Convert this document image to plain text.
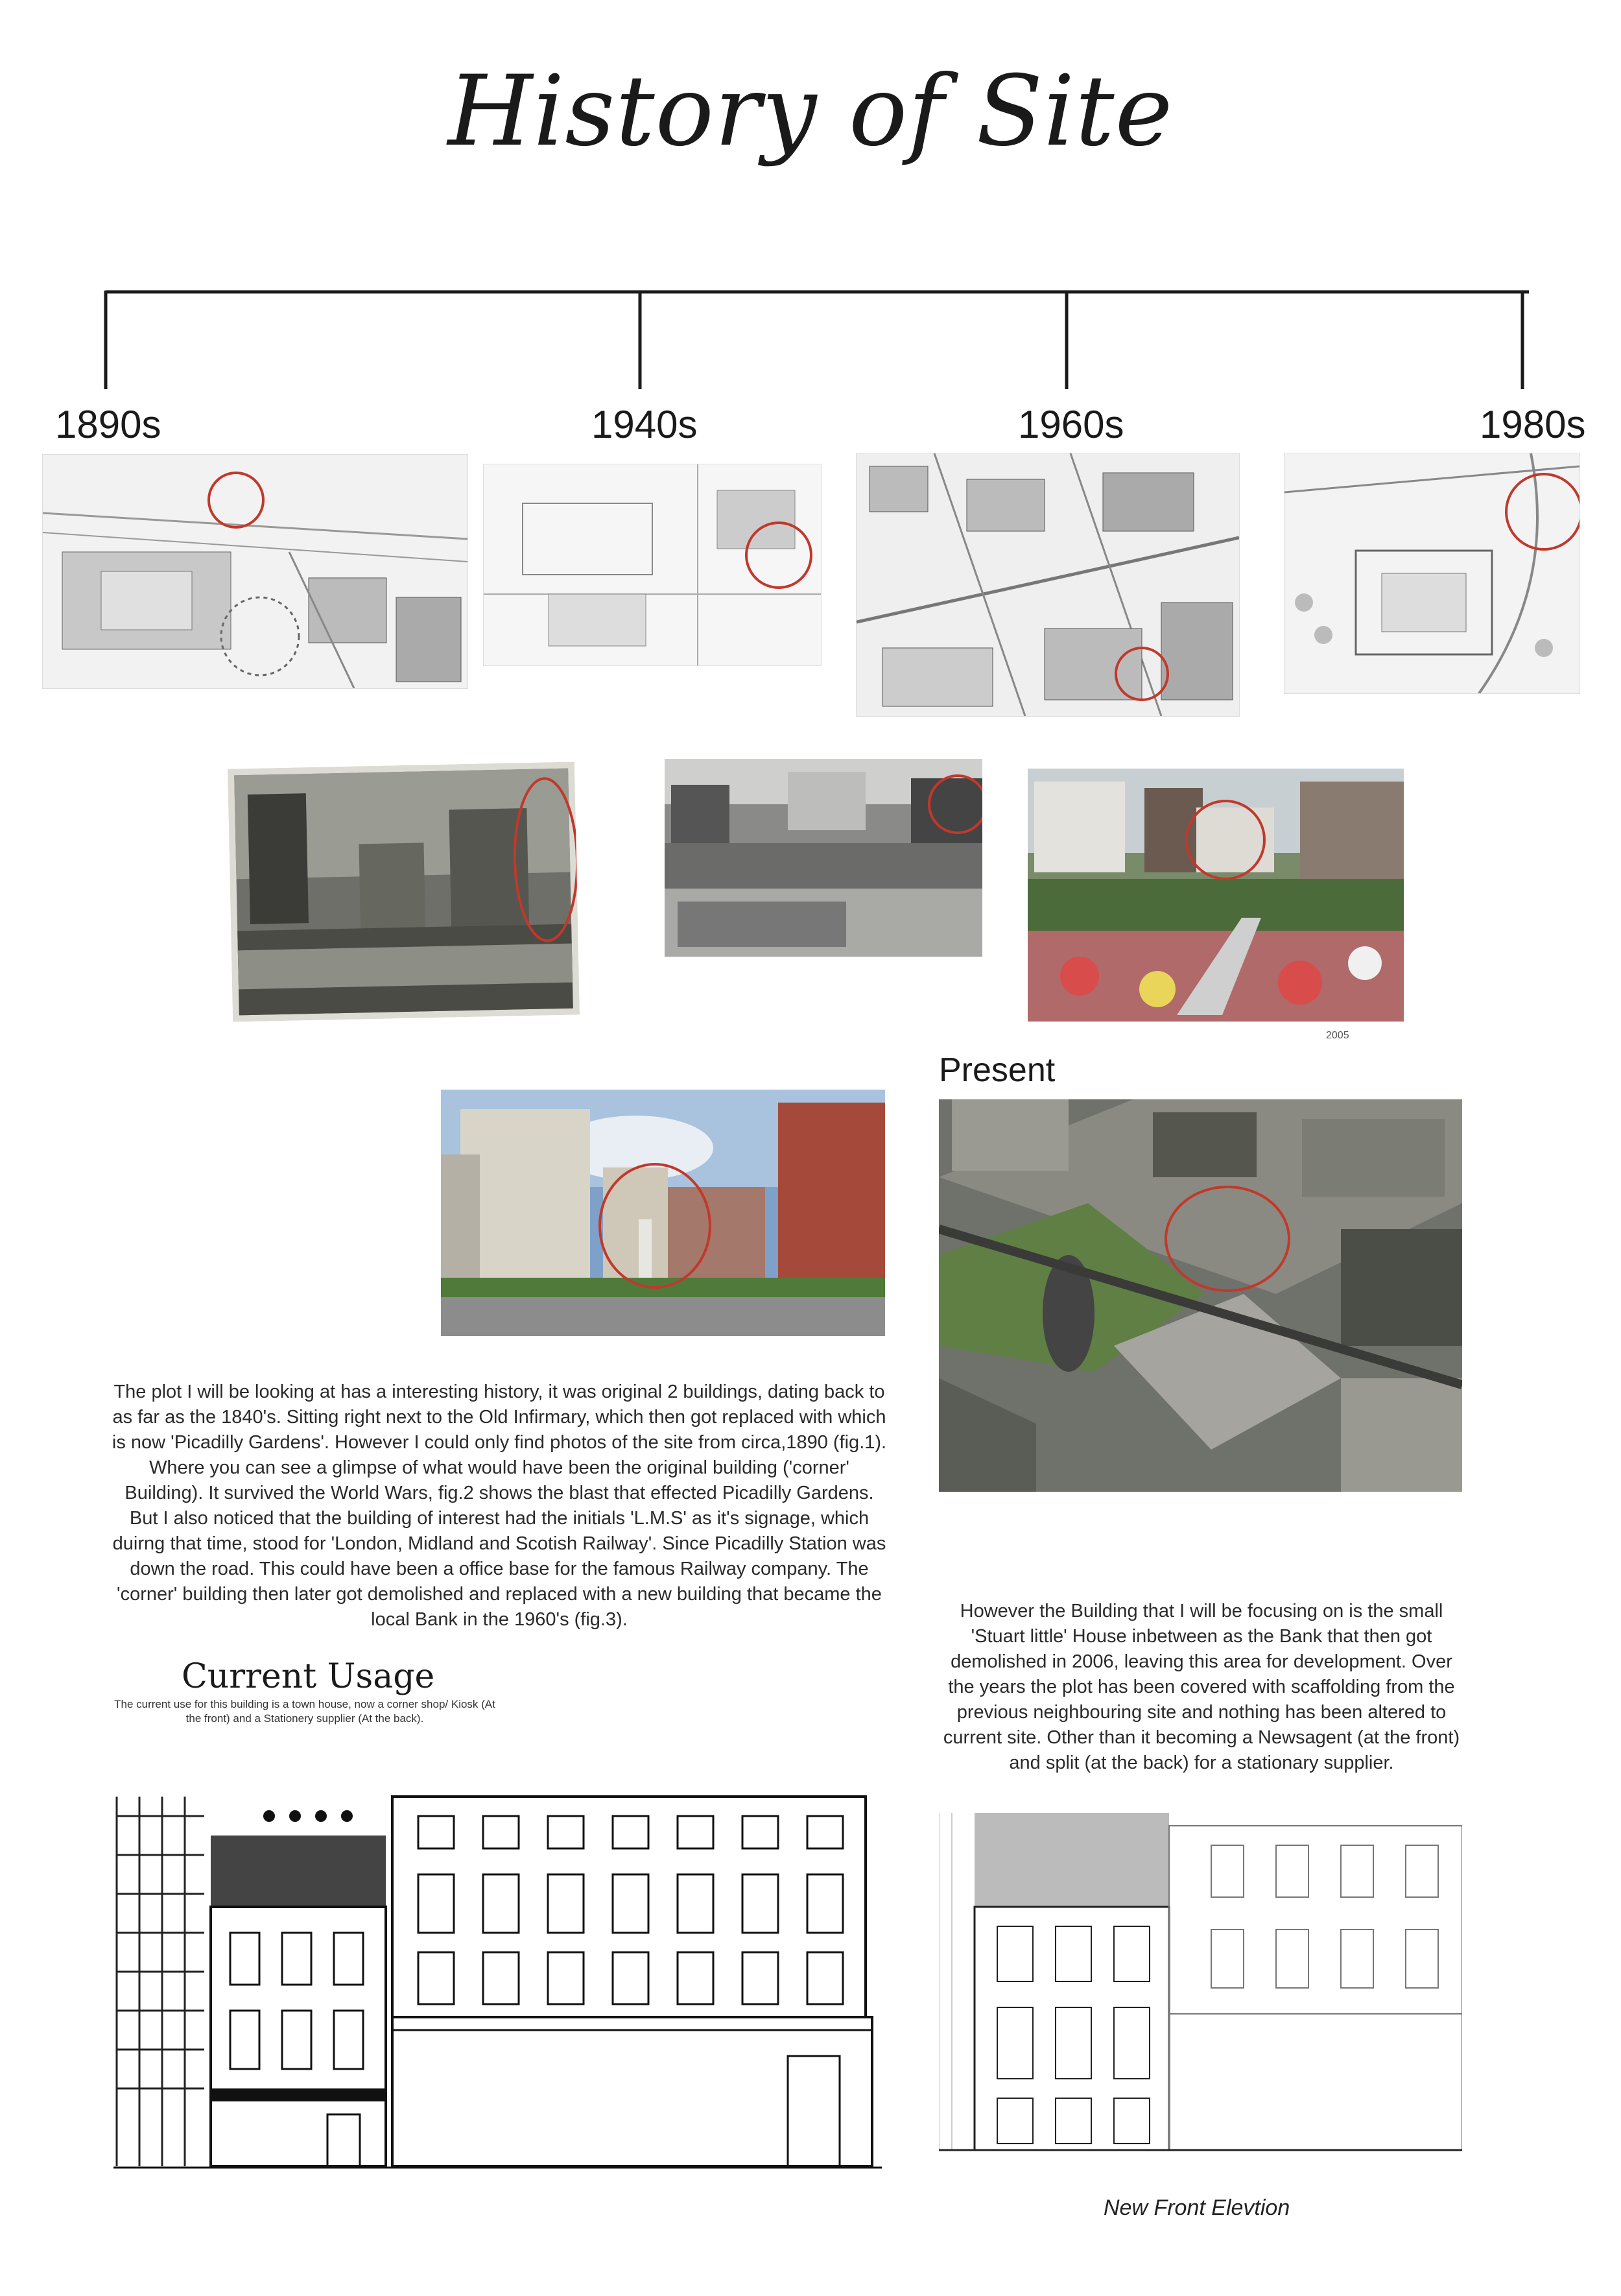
History of Site
1890s	1940s	1960s	1980s
2005
Present
The plot I will be looking at has a interesting history, it was original 2 buildings, dating back to as far as the 1840's. Sitting right next to the Old Infirmary, which then got replaced with which is now 'Picadilly Gardens'. However I could only find photos of the site from circa,1890 (fig.1). Where you can see a glimpse of what would have been the original building ('corner' Building). It survived the World Wars, fig.2 shows the blast that effected Picadilly Gardens. But I also noticed that the building of interest had the initials 'L.M.S' as it's signage, which duirng that time, stood for 'London, Midland and Scotish Railway'. Since Picadilly Station was down the road. This could have been a office base for the famous Railway company. The 'corner' building then later got demolished and replaced with a new building that became the local Bank in the 1960's (fig.3).	However the Building that I will be focusing on is the small 'Stuart little' House inbetween as the Bank that then got demolished in 2006, leaving this area for development. Over the years the plot has been covered with scaffolding from the previous neighbouring site and nothing has been altered to current site. Other than it becoming a Newsagent (at the front) and split (at the back) for a stationary supplier.
Current Usage
The current use for this building is a town house, now a corner shop/ Kiosk (At the front) and a Stationery supplier (At the back).
New Front Elevtion
